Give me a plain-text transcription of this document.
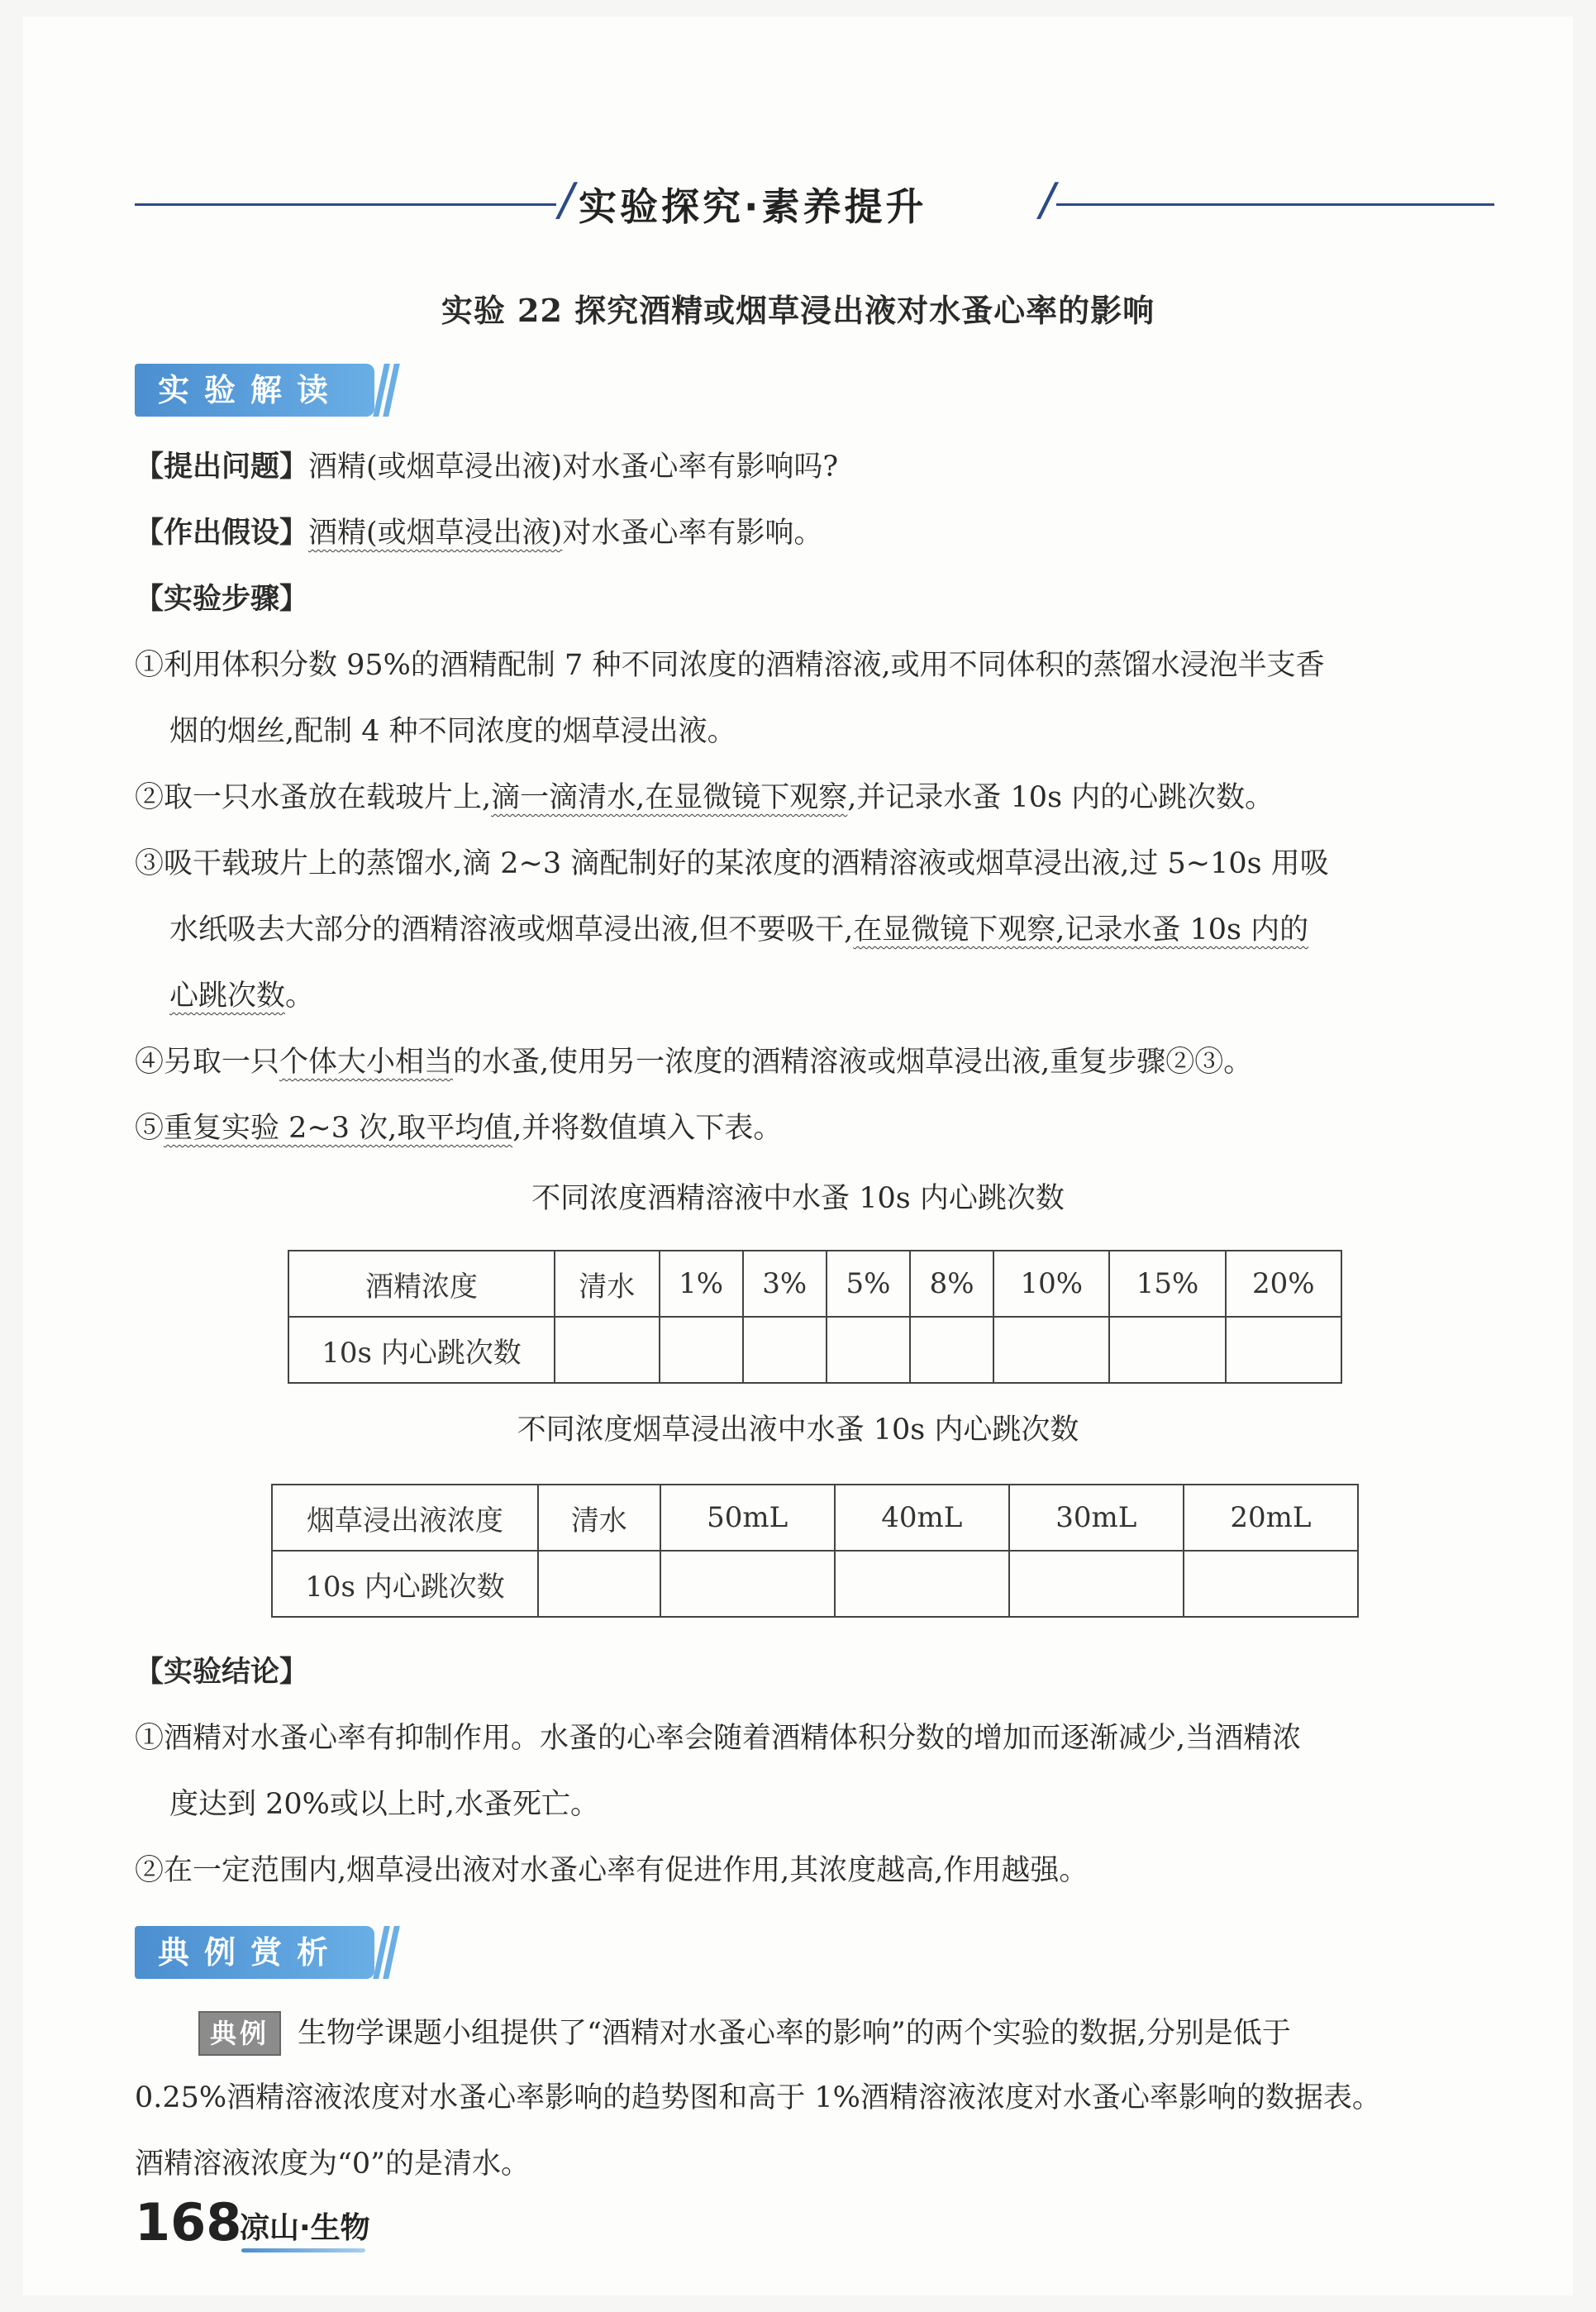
/ 实验探究·素养提升	/
实验 22 探究酒精或烟草浸出液对水蚤心率的影响
实验解读
【提出问题】酒精(或烟草浸出液)对水蚤心率有影响吗?
【作出假设】酒精(或烟草浸出液)对水蚤心率有影响。
【实验步骤】
①利用体积分数 95%的酒精配制 7 种不同浓度的酒精溶液,或用不同体积的蒸馏水浸泡半支香
烟的烟丝,配制 4 种不同浓度的烟草浸出液。
②取一只水蚤放在载玻片上,滴一滴清水,在显微镜下观察,并记录水蚤 10s 内的心跳次数。
③吸干载玻片上的蒸馏水,滴 2~3 滴配制好的某浓度的酒精溶液或烟草浸出液,过 5~10s 用吸
水纸吸去大部分的酒精溶液或烟草浸出液,但不要吸干,在显微镜下观察,记录水蚤 10s 内的
心跳次数。
④另取一只个体大小相当的水蚤,使用另一浓度的酒精溶液或烟草浸出液,重复步骤②③。
⑤重复实验 2~3 次,取平均值,并将数值填入下表。
不同浓度酒精溶液中水蚤 10s 内心跳次数
酒精浓度	清水	1%	3%	5%	8%	10%	15%	20%
10s 内心跳次数								
不同浓度烟草浸出液中水蚤 10s 内心跳次数
烟草浸出液浓度	清水	50mL	40mL	30mL	20mL
10s 内心跳次数					
【实验结论】
①酒精对水蚤心率有抑制作用。水蚤的心率会随着酒精体积分数的增加而逐渐减少,当酒精浓
度达到 20%或以上时,水蚤死亡。
②在一定范围内,烟草浸出液对水蚤心率有促进作用,其浓度越高,作用越强。
典例赏析
典例 生物学课题小组提供了“酒精对水蚤心率的影响”的两个实验的数据,分别是低于
0.25%酒精溶液浓度对水蚤心率影响的趋势图和高于 1%酒精溶液浓度对水蚤心率影响的数据表。
酒精溶液浓度为“0”的是清水。
168
凉山·生物
